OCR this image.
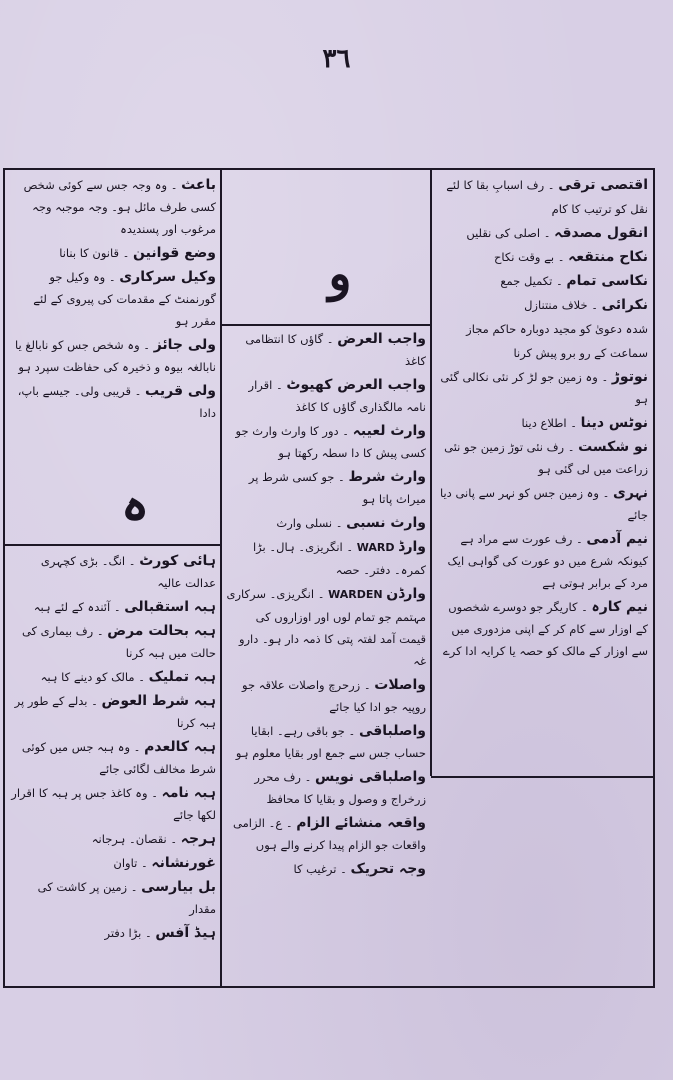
٣٦
و
ہ
اقتصی ترقی ۔ رف اسبابِ بقا کا لئے
نقل کو ترتیب کا کام
انقول مصدقہ ۔ اصلی کی نقلیں
نکاح منتقعہ ۔ بے وقت نکاح
نکاسی تمام ۔ تکمیل جمع
نکرائی ۔ خلاف منتنازل
شدہ دعویٰ کو مجید دوبارہ حاکم مجاز
سماعت کے رو برو پیش کرنا
نوتوڑ ۔ وہ زمین جو لڑ کر نئی نکالی گئی ہو
نوٹس دینا ۔ اطلاع دینا
نو شکست ۔ رف نئی توڑ زمین جو نئی زراعت میں لی گئی ہو
نہری ۔ وہ زمین جس کو نہر سے پانی دیا جائے
نیم آدمی ۔ رف عورت سے مراد ہے کیونکہ شرع میں دو عورت کی گواہی ایک مرد کے برابر ہوتی ہے
نیم کارہ ۔ کاریگر جو دوسرے شخصوں کے اوزار سے کام کر کے اپنی مزدوری میں سے اوزار کے مالک کو حصہ یا کرایہ ادا کرے
واجب العرض ۔ گاؤں کا انتظامی کاغذ
واجب العرض کھیوٹ ۔ اقرار نامہ مالگذاری گاؤں کا کاغذ
وارث لعیبہ ۔ دور کا وارث وارث جو کسی پیش کا دا سطہ رکھتا ہو
وارث شرط ۔ جو کسی شرط پر میراث پاتا ہو
وارث نسبی ۔ نسلی وارث
وارڈ WARD ۔ انگریزی۔ ہال۔ بڑا کمرہ۔ دفتر۔ حصہ
وارڈن WARDEN ۔ انگریزی۔ سرکاری مہتمم جو تمام لوں اور اوزاروں کی قیمت آمد لفتہ پتی کا ذمہ دار ہو۔ دارو غہ
واصلات ۔ زرحرچ واصلات علاقہ جو روپیہ جو ادا کیا جائے
واصلباقی ۔ جو باقی رہے۔ ابقایا حساب جس سے جمع اور بقایا معلوم ہو
واصلباقی نویس ۔ رف محرر زرخراج و وصول و بقایا کا محافظ
واقعہ منشائے الزام ۔ ع۔ الزامی واقعات جو الزام پیدا کرنے والے ہوں
وجہ تحریک ۔ ترغیب کا
باعث ۔ وہ وجہ جس سے کوئی شخص کسی طرف مائل ہو۔ وجہ موجبہ وجہ مرغوب اور پسندیدہ
وضع قوانین ۔ قانون کا بنانا
وکیل سرکاری ۔ وہ وکیل جو گورنمنٹ کے مقدمات کی پیروی کے لئے مقرر ہو
ولی جائز ۔ وہ شخص جس کو نابالغ یا نابالغہ بیوہ و ذخیرہ کی حفاظت سپرد ہو
ولی قریب ۔ قریبی ولی۔ جیسے باپ، دادا
ہائی کورٹ ۔ انگ۔ بڑی کچہری عدالت عالیہ
ہبہ استقبالی ۔ آئندہ کے لئے ہبہ
ہبہ بحالت مرض ۔ رف بیماری کی حالت میں ہبہ کرنا
ہبہ تملیک ۔ مالک کو دینے کا ہبہ
ہبہ شرط العوض ۔ بدلے کے طور پر ہبہ کرنا
ہبہ کالعدم ۔ وہ ہبہ جس میں کوئی شرط مخالف لگائی جائے
ہبہ نامہ ۔ وہ کاغذ جس پر ہبہ کا اقرار لکھا جائے
ہرجہ ۔ نقصان۔ ہرجانہ
غورنشانہ ۔ تاوان
بل بیارسی ۔ زمین پر کاشت کی مقدار
ہیڈ آفس ۔ بڑا دفتر
